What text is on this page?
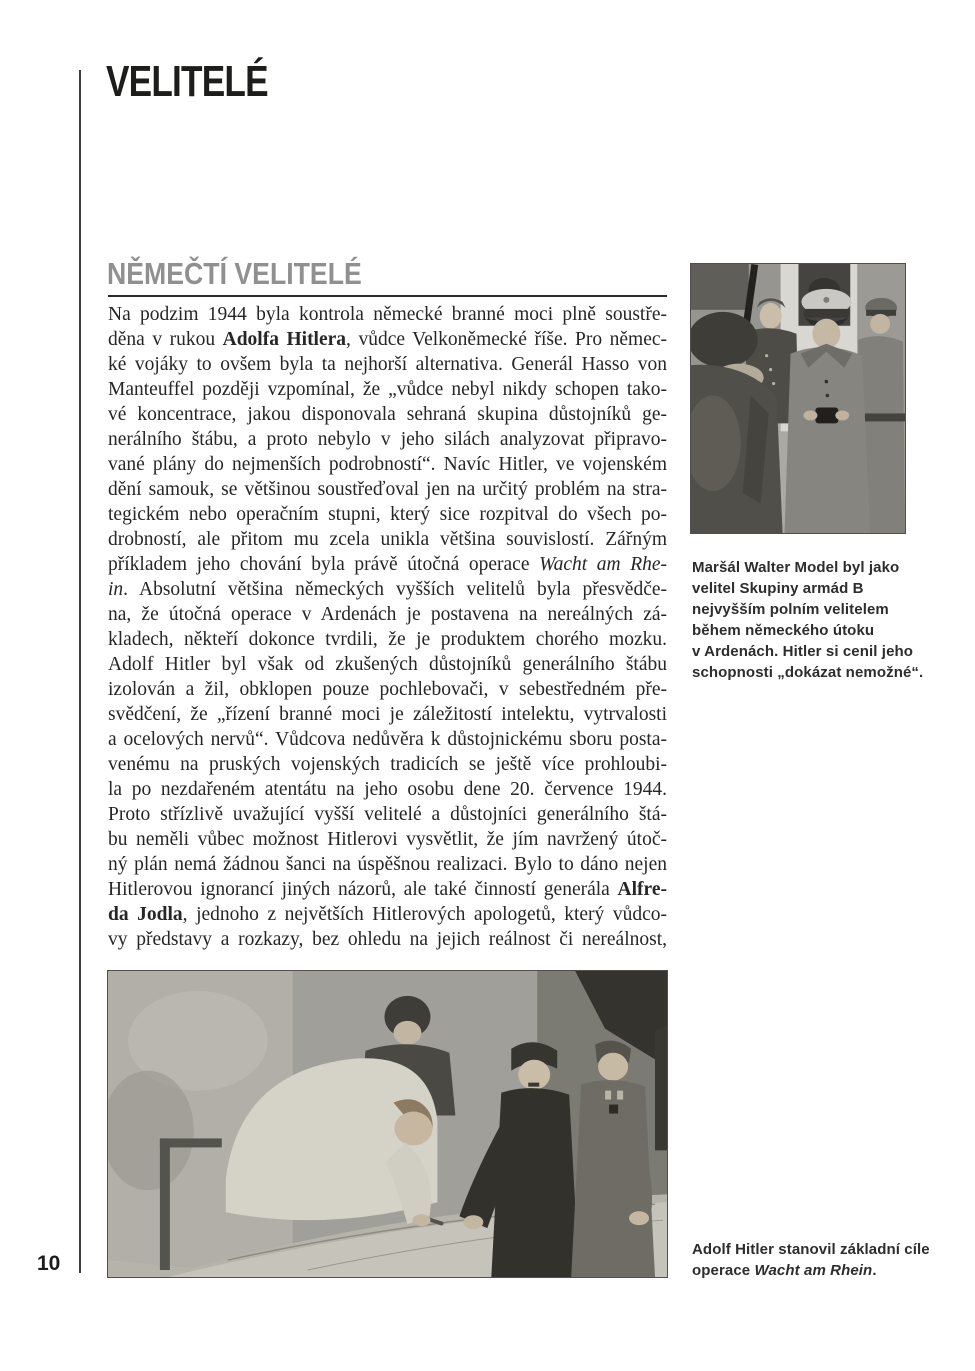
VELITELÉ
NĚMEČTÍ VELITELÉ
Na podzim 1944 byla kontrola německé branné moci plně soustře-
děna v rukou Adolfa Hitlera, vůdce Velkoněmecké říše. Pro němec-
ké vojáky to ovšem byla ta nejhorší alternativa. Generál Hasso von
Manteuffel později vzpomínal, že „vůdce nebyl nikdy schopen tako-
vé koncentrace, jakou disponovala sehraná skupina důstojníků ge-
nerálního štábu, a proto nebylo v jeho silách analyzovat připravo-
vané plány do nejmenších podrobností“. Navíc Hitler, ve vojenském
dění samouk, se většinou soustřeďoval jen na určitý problém na stra-
tegickém nebo operačním stupni, který sice rozpitval do všech po-
drobností, ale přitom mu zcela unikla většina souvislostí. Zářným
příkladem jeho chování byla právě útočná operace Wacht am Rhe-
in. Absolutní většina německých vyšších velitelů byla přesvědče-
na, že útočná operace v Ardenách je postavena na nereálných zá-
kladech, někteří dokonce tvrdili, že je produktem chorého mozku.
Adolf Hitler byl však od zkušených důstojníků generálního štábu
izolován a žil, obklopen pouze pochlebovači, v sebestředném pře-
svědčení, že „řízení branné moci je záležitostí intelektu, vytrvalosti
a ocelových nervů“. Vůdcova nedůvěra k důstojnickému sboru posta-
venému na pruských vojenských tradicích se ještě více prohloubi-
la po nezdařeném atentátu na jeho osobu dene 20. července 1944.
Proto střízlivě uvažující vyšší velitelé a důstojníci generálního štá-
bu neměli vůbec možnost Hitlerovi vysvětlit, že jím navržený útoč-
ný plán nemá žádnou šanci na úspěšnou realizaci. Bylo to dáno nejen
Hitlerovou ignorancí jiných názorů, ale také činností generála Alfre-
da Jodla, jednoho z největších Hitlerových apologetů, který vůdco-
vy představy a rozkazy, bez ohledu na jejich reálnost či nereálnost,
Maršál Walter Model byl jako
velitel Skupiny armád B
nejvyšším polním velitelem
během německého útoku
v Ardenách. Hitler si cenil jeho
schopnosti „dokázat nemožné“.
Adolf Hitler stanovil základní cíle
operace Wacht am Rhein.
10
